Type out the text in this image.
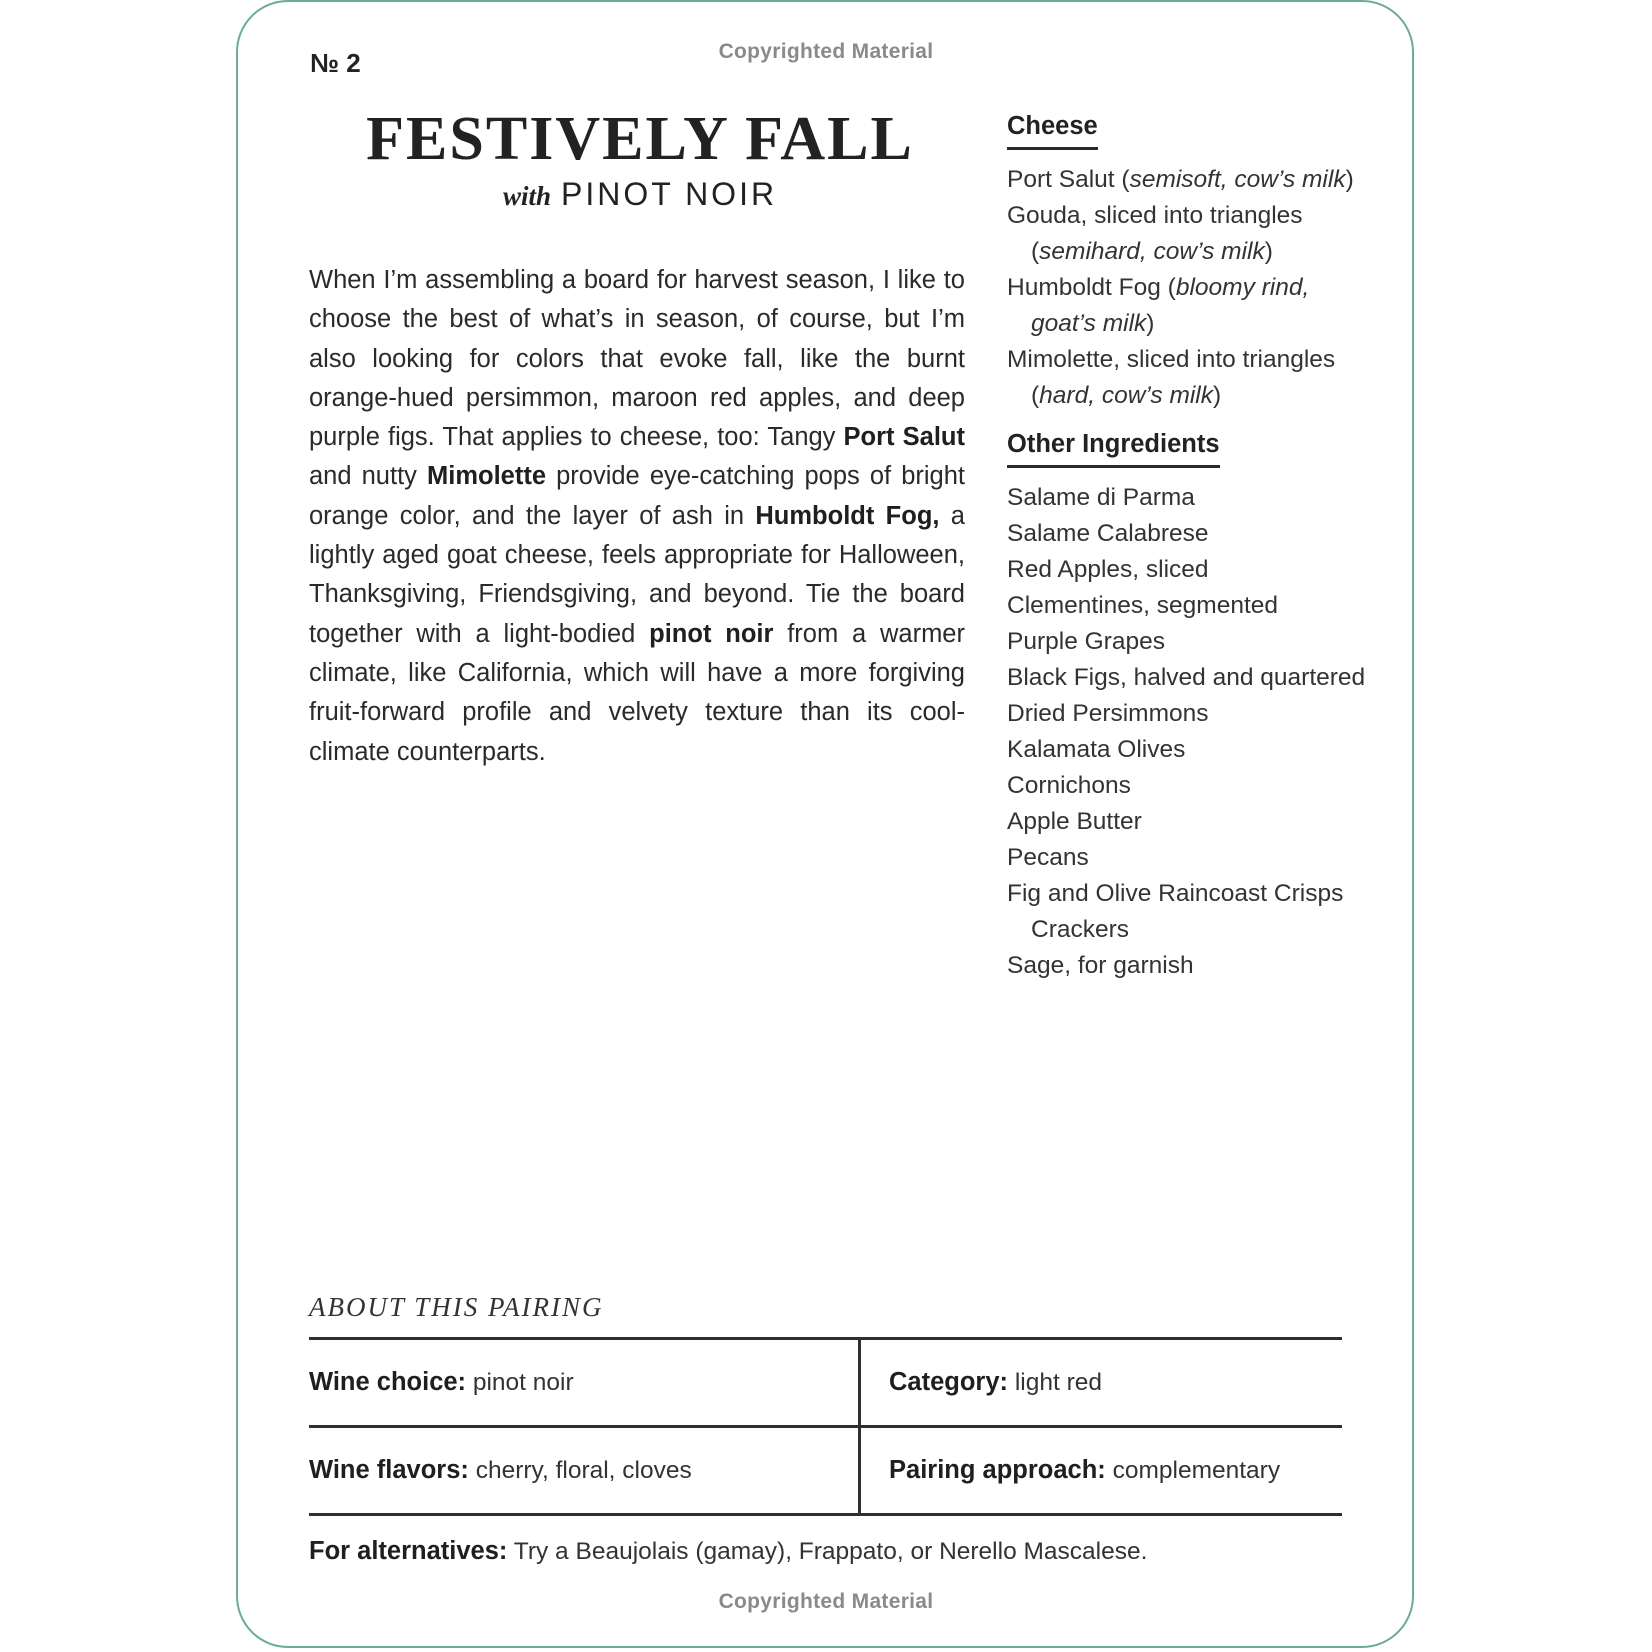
Copyrighted Material
№ 2
FESTIVELY FALL
with PINOT NOIR

When I’m assembling a board for harvest season, I like to choose the best of what’s in season, of course, but I’m also looking for colors that evoke fall, like the burnt orange-hued persimmon, maroon red apples, and deep purple figs. That applies to cheese, too: Tangy Port Salut and nutty Mimolette provide eye-catching pops of bright orange color, and the layer of ash in Humboldt Fog, a lightly aged goat cheese, feels appropriate for Halloween, Thanksgiving, Friendsgiving, and beyond. Tie the board together with a light-bodied pinot noir from a warmer climate, like California, which will have a more forgiving fruit-forward profile and velvety texture than its cool-climate counterparts.

Cheese
Port Salut (semisoft, cow’s milk)
Gouda, sliced into triangles (semihard, cow’s milk)
Humboldt Fog (bloomy rind, goat’s milk)
Mimolette, sliced into triangles (hard, cow’s milk)
Other Ingredients
Salame di Parma
Salame Calabrese
Red Apples, sliced
Clementines, segmented
Purple Grapes
Black Figs, halved and quartered
Dried Persimmons
Kalamata Olives
Cornichons
Apple Butter
Pecans
Fig and Olive Raincoast Crisps Crackers
Sage, for garnish
ABOUT THIS PAIRING
Wine choice: pinot noir	Category: light red
Wine flavors: cherry, floral, cloves	Pairing approach: complementary
For alternatives: Try a Beaujolais (gamay), Frappato, or Nerello Mascalese.
Copyrighted Material
